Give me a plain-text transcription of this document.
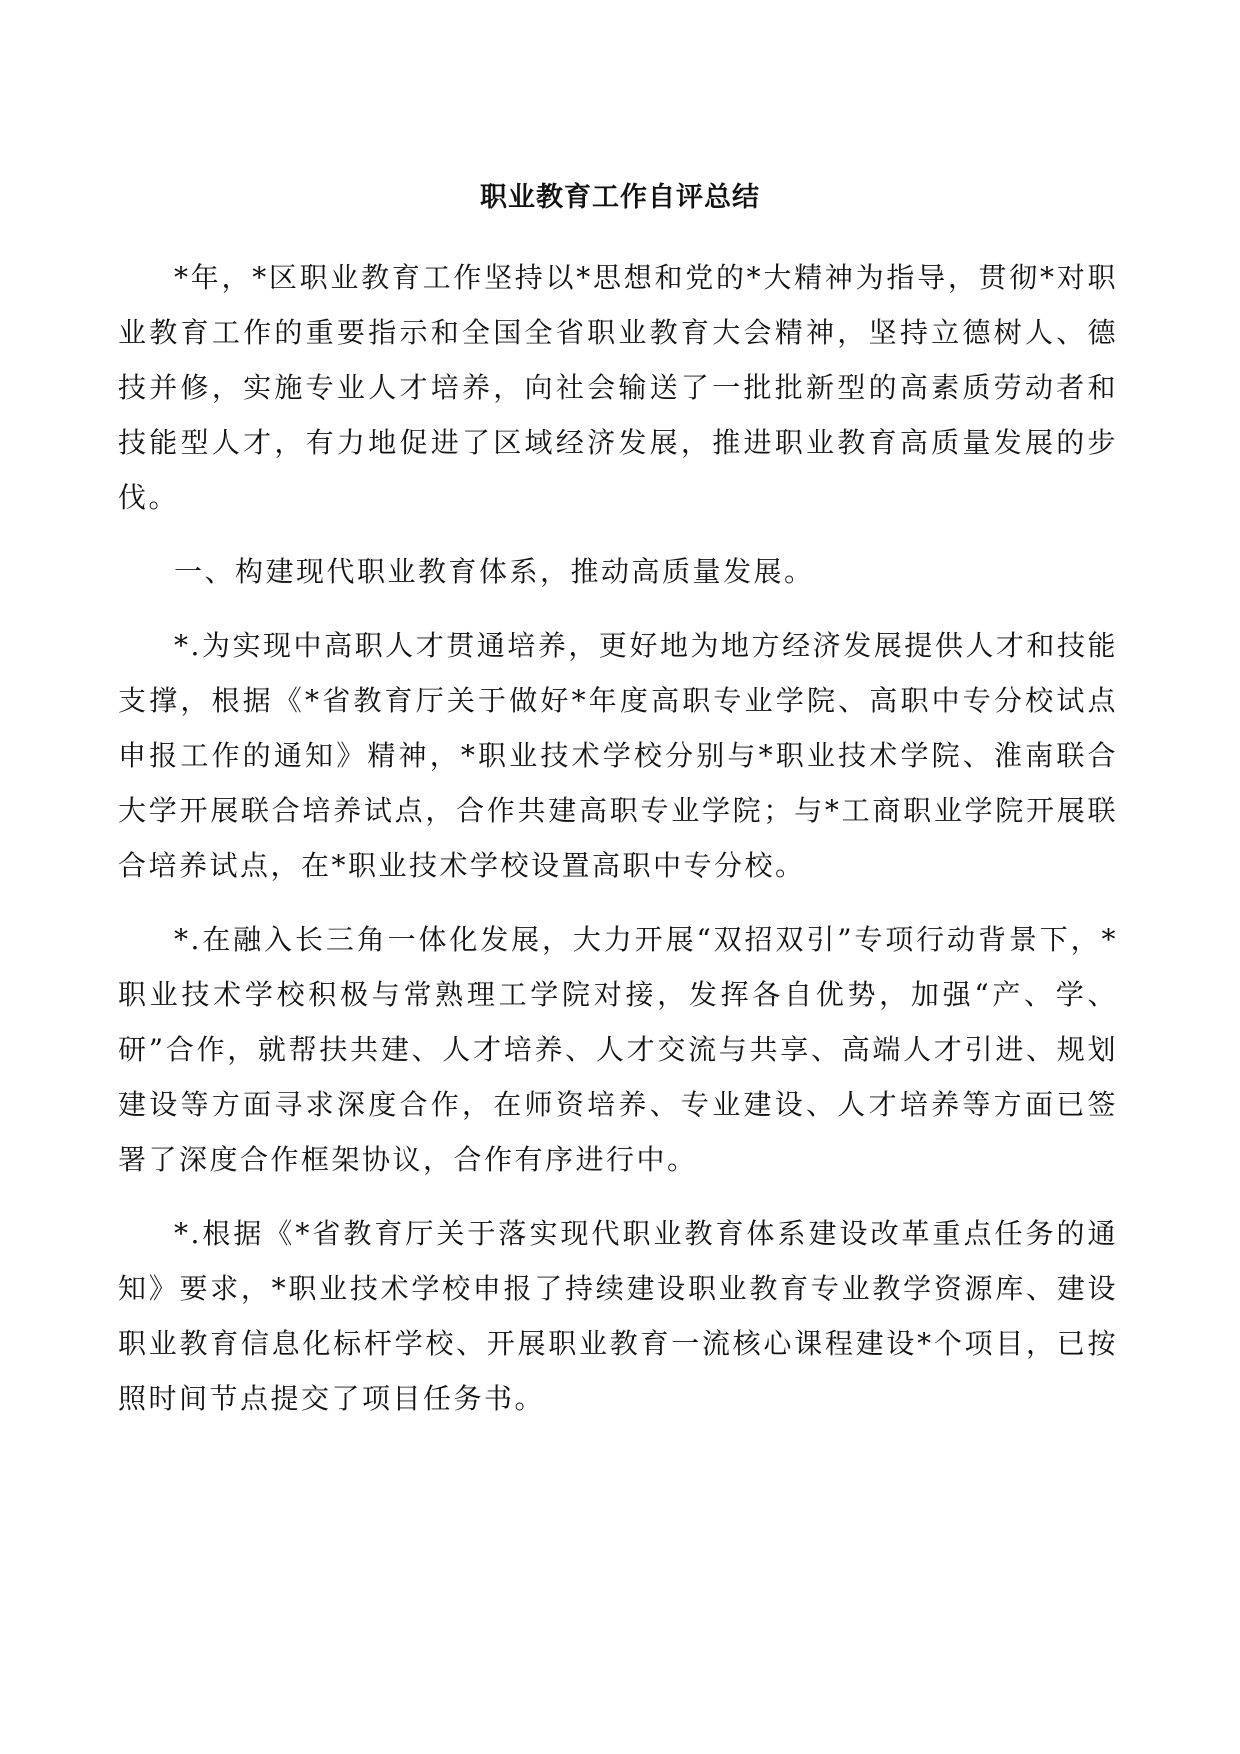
职业教育工作自评总结

*年，*区职业教育工作坚持以*思想和党的*大精神为指导，贯彻*对职业教育工作的重要指示和全国全省职业教育大会精神，坚持立德树人、德技并修，实施专业人才培养，向社会输送了一批批新型的高素质劳动者和技能型人才，有力地促进了区域经济发展，推进职业教育高质量发展的步伐。

一、构建现代职业教育体系，推动高质量发展。

*.为实现中高职人才贯通培养，更好地为地方经济发展提供人才和技能支撑，根据《*省教育厅关于做好*年度高职专业学院、高职中专分校试点申报工作的通知》精神，*职业技术学校分别与*职业技术学院、淮南联合大学开展联合培养试点，合作共建高职专业学院；与*工商职业学院开展联合培养试点，在*职业技术学校设置高职中专分校。

*.在融入长三角一体化发展，大力开展“双招双引”专项行动背景下，*职业技术学校积极与常熟理工学院对接，发挥各自优势，加强“产、学、研”合作，就帮扶共建、人才培养、人才交流与共享、高端人才引进、规划建设等方面寻求深度合作，在师资培养、专业建设、人才培养等方面已签署了深度合作框架协议，合作有序进行中。

*.根据《*省教育厅关于落实现代职业教育体系建设改革重点任务的通知》要求，*职业技术学校申报了持续建设职业教育专业教学资源库、建设职业教育信息化标杆学校、开展职业教育一流核心课程建设*个项目，已按照时间节点提交了项目任务书。
